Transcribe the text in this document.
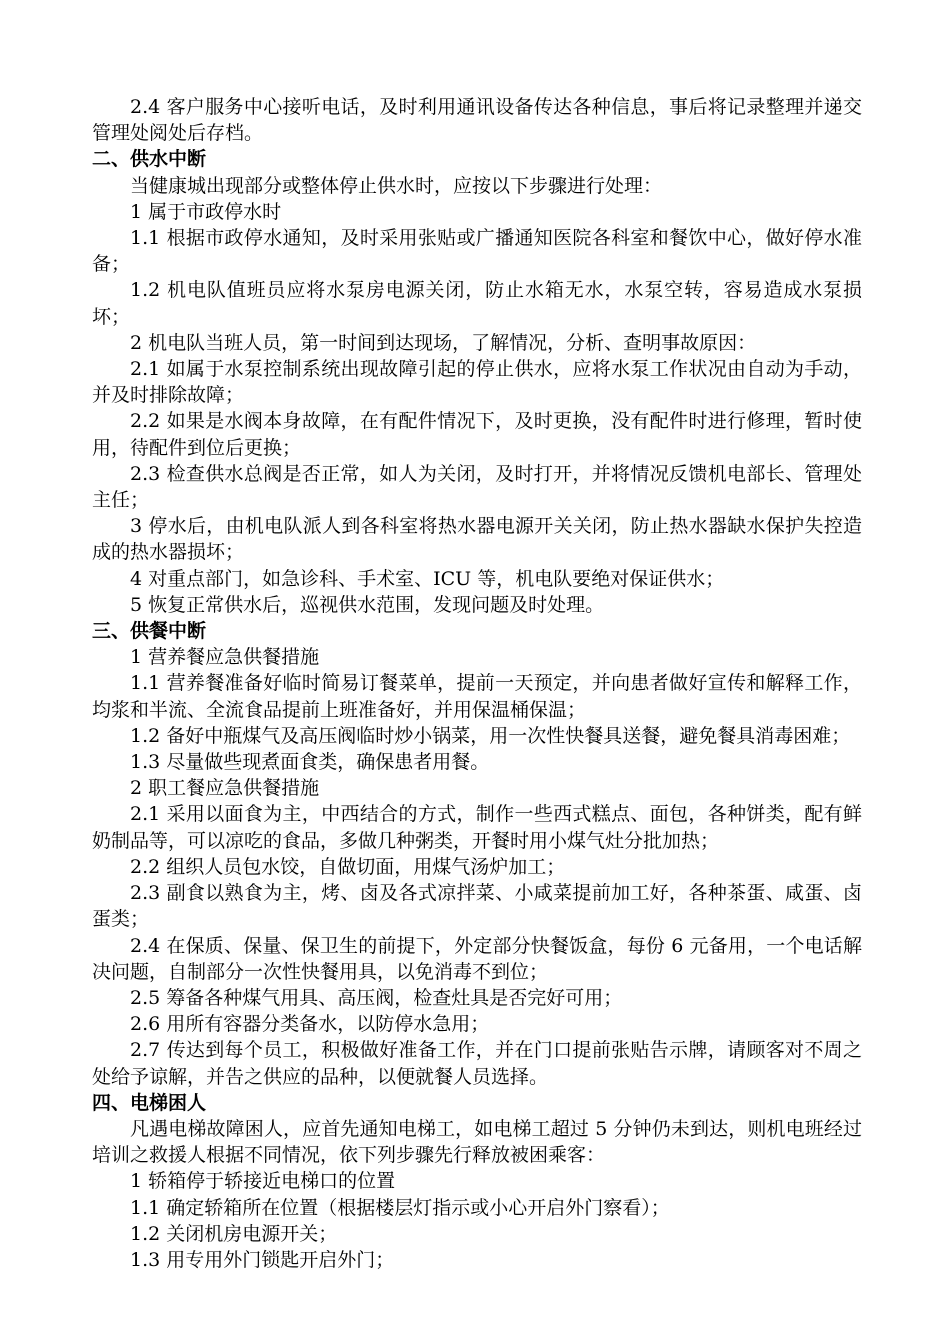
2.4 客户服务中心接听电话，及时利用通讯设备传达各种信息，事后将记录整理并递交管理处阅处后存档。

二、供水中断

当健康城出现部分或整体停止供水时，应按以下步骤进行处理：

1 属于市政停水时

1.1 根据市政停水通知，及时采用张贴或广播通知医院各科室和餐饮中心，做好停水准备；

1.2 机电队值班员应将水泵房电源关闭，防止水箱无水，水泵空转，容易造成水泵损坏；

2 机电队当班人员，第一时间到达现场，了解情况，分析、查明事故原因：

2.1 如属于水泵控制系统出现故障引起的停止供水，应将水泵工作状况由自动为手动，并及时排除故障；

2.2 如果是水阀本身故障，在有配件情况下，及时更换，没有配件时进行修理，暂时使用，待配件到位后更换；

2.3 检查供水总阀是否正常，如人为关闭，及时打开，并将情况反馈机电部长、管理处主任；

3 停水后，由机电队派人到各科室将热水器电源开关关闭，防止热水器缺水保护失控造成的热水器损坏；

4 对重点部门，如急诊科、手术室、ICU 等，机电队要绝对保证供水；

5 恢复正常供水后，巡视供水范围，发现问题及时处理。

三、供餐中断

1 营养餐应急供餐措施

1.1 营养餐准备好临时简易订餐菜单，提前一天预定，并向患者做好宣传和解释工作，均浆和半流、全流食品提前上班准备好，并用保温桶保温；

1.2 备好中瓶煤气及高压阀临时炒小锅菜，用一次性快餐具送餐，避免餐具消毒困难；

1.3 尽量做些现煮面食类，确保患者用餐。

2 职工餐应急供餐措施

2.1 采用以面食为主，中西结合的方式，制作一些西式糕点、面包，各种饼类，配有鲜奶制品等，可以凉吃的食品，多做几种粥类，开餐时用小煤气灶分批加热；

2.2 组织人员包水饺，自做切面，用煤气汤炉加工；

2.3 副食以熟食为主，烤、卤及各式凉拌菜、小咸菜提前加工好，各种茶蛋、咸蛋、卤蛋类；

2.4 在保质、保量、保卫生的前提下，外定部分快餐饭盒，每份 6 元备用，一个电话解决问题，自制部分一次性快餐用具，以免消毒不到位；

2.5 筹备各种煤气用具、高压阀，检查灶具是否完好可用；

2.6 用所有容器分类备水，以防停水急用；

2.7 传达到每个员工，积极做好准备工作，并在门口提前张贴告示牌，请顾客对不周之处给予谅解，并告之供应的品种，以便就餐人员选择。

四、电梯困人

凡遇电梯故障困人，应首先通知电梯工，如电梯工超过 5 分钟仍未到达，则机电班经过培训之救援人根据不同情况，依下列步骤先行释放被困乘客：

1 轿箱停于轿接近电梯口的位置

1.1 确定轿箱所在位置（根据楼层灯指示或小心开启外门察看）；

1.2 关闭机房电源开关；

1.3 用专用外门锁匙开启外门；
